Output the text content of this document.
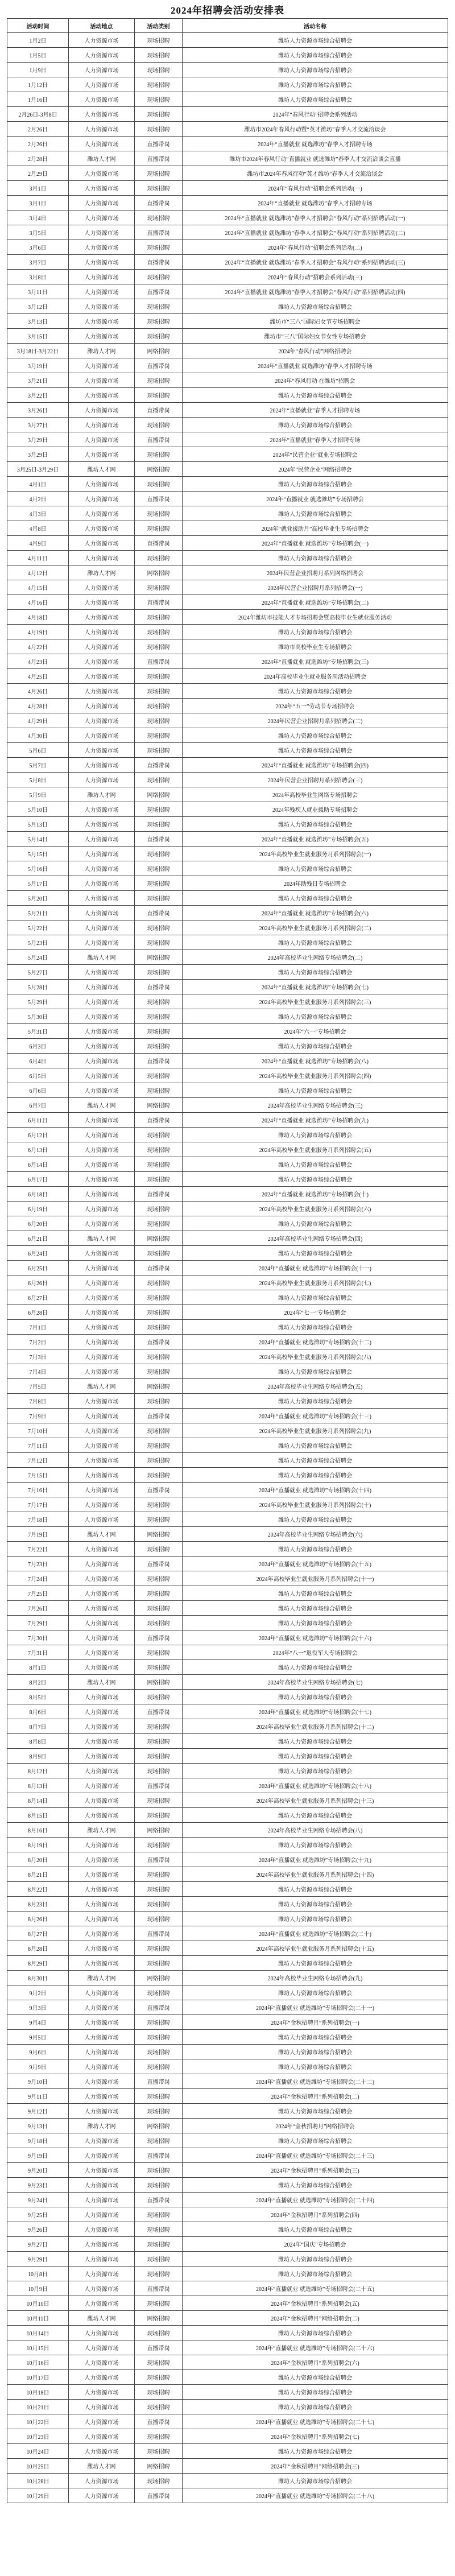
2024年招聘会活动安排表
活动时间	活动地点	活动类别	活动名称
1月2日	人力资源市场	现场招聘	潍坊人力资源市场综合招聘会
1月5日	人力资源市场	现场招聘	潍坊人力资源市场综合招聘会
1月9日	人力资源市场	现场招聘	潍坊人力资源市场综合招聘会
1月12日	人力资源市场	现场招聘	潍坊人力资源市场综合招聘会
1月16日	人力资源市场	现场招聘	潍坊人力资源市场综合招聘会
2月26日-3月8日	人力资源市场	现场招聘	2024年“春风行动”招聘会系列活动
2月26日	人力资源市场	现场招聘	潍坊市2024年春风行动暨“英才潍坊”春季人才交流洽谈会
2月26日	人力资源市场	直播带岗	2024年“直播就业 就选潍坊”春季人才招聘专场
2月28日	潍坊人才网	直播带岗	潍坊市2024年春风行动“直播就业 就选潍坊”春季人才交流洽谈会直播
2月29日	人力资源市场	现场招聘	潍坊市2024年春风行动“英才潍坊”春季人才交流洽谈会
3月1日	人力资源市场	现场招聘	2024年“春风行动”招聘会系列活动(一)
3月1日	人力资源市场	直播带岗	2024年“直播就业 就选潍坊”春季人才招聘专场
3月4日	人力资源市场	现场招聘	2024年“直播就业 就选潍坊”春季人才招聘会“春风行动”系列招聘活动(一)
3月5日	人力资源市场	直播带岗	2024年“直播就业 就选潍坊”春季人才招聘会“春风行动”系列招聘活动(二)
3月6日	人力资源市场	现场招聘	2024年“春风行动”招聘会系列活动(二)
3月7日	人力资源市场	直播带岗	2024年“直播就业 就选潍坊”春季人才招聘会“春风行动”系列招聘活动(三)
3月8日	人力资源市场	现场招聘	2024年“春风行动”招聘会系列活动(三)
3月11日	人力资源市场	直播带岗	2024年“直播就业 就选潍坊”春季人才招聘会“春风行动”系列招聘活动(四)
3月12日	人力资源市场	现场招聘	潍坊人力资源市场综合招聘会
3月13日	人力资源市场	现场招聘	潍坊市“三八”国际妇女节专场招聘会
3月15日	人力资源市场	现场招聘	潍坊市“三八”国际妇女节女性专场招聘会
3月18日-3月22日	潍坊人才网	网络招聘	2024年“春风行动”网络招聘会
3月19日	人力资源市场	直播带岗	2024年“直播就业 就选潍坊”春季人才招聘专场
3月21日	人力资源市场	现场招聘	2024年“春风行动 在潍坊”招聘会
3月22日	人力资源市场	现场招聘	潍坊人力资源市场综合招聘会
3月26日	人力资源市场	直播带岗	2024年“直播就业”春季人才招聘专场
3月27日	人力资源市场	现场招聘	潍坊人力资源市场综合招聘会
3月29日	人力资源市场	直播带岗	2024年“直播就业”春季人才招聘专场
3月29日	人力资源市场	现场招聘	2024年“民营企业”就业专场招聘会
3月25日-3月29日	潍坊人才网	网络招聘	2024年“民营企业”网络招聘会
4月1日	人力资源市场	现场招聘	潍坊人力资源市场综合招聘会
4月2日	人力资源市场	直播带岗	2024年“直播就业 就选潍坊”专场招聘会
4月3日	人力资源市场	现场招聘	潍坊人力资源市场综合招聘会
4月8日	人力资源市场	现场招聘	2024年“就业援助月”高校毕业生专场招聘会
4月9日	人力资源市场	直播带岗	2024年“直播就业 就选潍坊”专场招聘会(一)
4月11日	人力资源市场	现场招聘	潍坊人力资源市场综合招聘会
4月12日	潍坊人才网	网络招聘	2024年民营企业招聘月系列网络招聘会
4月15日	人力资源市场	现场招聘	2024年民营企业招聘月系列招聘会(一)
4月16日	人力资源市场	直播带岗	2024年“直播就业 就选潍坊”专场招聘会(二)
4月18日	人力资源市场	现场招聘	2024年潍坊市技能人才专场招聘会暨高校毕业生就业服务活动
4月19日	人力资源市场	现场招聘	潍坊人力资源市场综合招聘会
4月22日	人力资源市场	现场招聘	潍坊市高校毕业生专场招聘会
4月23日	人力资源市场	直播带岗	2024年“直播就业 就选潍坊”专场招聘会(三)
4月25日	人力资源市场	现场招聘	2024年高校毕业生就业服务周活动招聘会
4月26日	人力资源市场	现场招聘	潍坊人力资源市场综合招聘会
4月28日	人力资源市场	现场招聘	2024年“五一”劳动节专场招聘会
4月29日	人力资源市场	现场招聘	2024年民营企业招聘月系列招聘会(二)
4月30日	人力资源市场	现场招聘	潍坊人力资源市场综合招聘会
5月6日	人力资源市场	现场招聘	潍坊人力资源市场综合招聘会
5月7日	人力资源市场	直播带岗	2024年“直播就业 就选潍坊”专场招聘会(四)
5月8日	人力资源市场	现场招聘	2024年民营企业招聘月系列招聘会(三)
5月9日	潍坊人才网	网络招聘	2024年高校毕业生网络专场招聘会
5月10日	人力资源市场	现场招聘	2024年残疾人就业援助专场招聘会
5月13日	人力资源市场	现场招聘	潍坊人力资源市场综合招聘会
5月14日	人力资源市场	直播带岗	2024年“直播就业 就选潍坊”专场招聘会(五)
5月15日	人力资源市场	现场招聘	2024年高校毕业生就业服务月系列招聘会(一)
5月16日	人力资源市场	现场招聘	潍坊人力资源市场综合招聘会
5月17日	人力资源市场	现场招聘	2024年助残日专场招聘会
5月20日	人力资源市场	现场招聘	潍坊人力资源市场综合招聘会
5月21日	人力资源市场	直播带岗	2024年“直播就业 就选潍坊”专场招聘会(六)
5月22日	人力资源市场	现场招聘	2024年高校毕业生就业服务月系列招聘会(二)
5月23日	人力资源市场	现场招聘	潍坊人力资源市场综合招聘会
5月24日	潍坊人才网	网络招聘	2024年高校毕业生网络专场招聘会(二)
5月27日	人力资源市场	现场招聘	潍坊人力资源市场综合招聘会
5月28日	人力资源市场	直播带岗	2024年“直播就业 就选潍坊”专场招聘会(七)
5月29日	人力资源市场	现场招聘	2024年高校毕业生就业服务月系列招聘会(三)
5月30日	人力资源市场	现场招聘	潍坊人力资源市场综合招聘会
5月31日	人力资源市场	现场招聘	2024年“六一”专场招聘会
6月3日	人力资源市场	现场招聘	潍坊人力资源市场综合招聘会
6月4日	人力资源市场	直播带岗	2024年“直播就业 就选潍坊”专场招聘会(八)
6月5日	人力资源市场	现场招聘	2024年高校毕业生就业服务月系列招聘会(四)
6月6日	人力资源市场	现场招聘	潍坊人力资源市场综合招聘会
6月7日	潍坊人才网	网络招聘	2024年高校毕业生网络专场招聘会(三)
6月11日	人力资源市场	直播带岗	2024年“直播就业 就选潍坊”专场招聘会(九)
6月12日	人力资源市场	现场招聘	潍坊人力资源市场综合招聘会
6月13日	人力资源市场	现场招聘	2024年高校毕业生就业服务月系列招聘会(五)
6月14日	人力资源市场	现场招聘	潍坊人力资源市场综合招聘会
6月17日	人力资源市场	现场招聘	潍坊人力资源市场综合招聘会
6月18日	人力资源市场	直播带岗	2024年“直播就业 就选潍坊”专场招聘会(十)
6月19日	人力资源市场	现场招聘	2024年高校毕业生就业服务月系列招聘会(六)
6月20日	人力资源市场	现场招聘	潍坊人力资源市场综合招聘会
6月21日	潍坊人才网	网络招聘	2024年高校毕业生网络专场招聘会(四)
6月24日	人力资源市场	现场招聘	潍坊人力资源市场综合招聘会
6月25日	人力资源市场	直播带岗	2024年“直播就业 就选潍坊”专场招聘会(十一)
6月26日	人力资源市场	现场招聘	2024年高校毕业生就业服务月系列招聘会(七)
6月27日	人力资源市场	现场招聘	潍坊人力资源市场综合招聘会
6月28日	人力资源市场	现场招聘	2024年“七一”专场招聘会
7月1日	人力资源市场	现场招聘	潍坊人力资源市场综合招聘会
7月2日	人力资源市场	直播带岗	2024年“直播就业 就选潍坊”专场招聘会(十二)
7月3日	人力资源市场	现场招聘	2024年高校毕业生就业服务月系列招聘会(八)
7月4日	人力资源市场	现场招聘	潍坊人力资源市场综合招聘会
7月5日	潍坊人才网	网络招聘	2024年高校毕业生网络专场招聘会(五)
7月8日	人力资源市场	现场招聘	潍坊人力资源市场综合招聘会
7月9日	人力资源市场	直播带岗	2024年“直播就业 就选潍坊”专场招聘会(十三)
7月10日	人力资源市场	现场招聘	2024年高校毕业生就业服务月系列招聘会(九)
7月11日	人力资源市场	现场招聘	潍坊人力资源市场综合招聘会
7月12日	人力资源市场	现场招聘	潍坊人力资源市场综合招聘会
7月15日	人力资源市场	现场招聘	潍坊人力资源市场综合招聘会
7月16日	人力资源市场	直播带岗	2024年“直播就业 就选潍坊”专场招聘会(十四)
7月17日	人力资源市场	现场招聘	2024年高校毕业生就业服务月系列招聘会(十)
7月18日	人力资源市场	现场招聘	潍坊人力资源市场综合招聘会
7月19日	潍坊人才网	网络招聘	2024年高校毕业生网络专场招聘会(六)
7月22日	人力资源市场	现场招聘	潍坊人力资源市场综合招聘会
7月23日	人力资源市场	直播带岗	2024年“直播就业 就选潍坊”专场招聘会(十五)
7月24日	人力资源市场	现场招聘	2024年高校毕业生就业服务月系列招聘会(十一)
7月25日	人力资源市场	现场招聘	潍坊人力资源市场综合招聘会
7月26日	人力资源市场	现场招聘	潍坊人力资源市场综合招聘会
7月29日	人力资源市场	现场招聘	潍坊人力资源市场综合招聘会
7月30日	人力资源市场	直播带岗	2024年“直播就业 就选潍坊”专场招聘会(十六)
7月31日	人力资源市场	现场招聘	2024年“八一”退役军人专场招聘会
8月1日	人力资源市场	现场招聘	潍坊人力资源市场综合招聘会
8月2日	潍坊人才网	网络招聘	2024年高校毕业生网络专场招聘会(七)
8月5日	人力资源市场	现场招聘	潍坊人力资源市场综合招聘会
8月6日	人力资源市场	直播带岗	2024年“直播就业 就选潍坊”专场招聘会(十七)
8月7日	人力资源市场	现场招聘	2024年高校毕业生就业服务月系列招聘会(十二)
8月8日	人力资源市场	现场招聘	潍坊人力资源市场综合招聘会
8月9日	人力资源市场	现场招聘	潍坊人力资源市场综合招聘会
8月12日	人力资源市场	现场招聘	潍坊人力资源市场综合招聘会
8月13日	人力资源市场	直播带岗	2024年“直播就业 就选潍坊”专场招聘会(十八)
8月14日	人力资源市场	现场招聘	2024年高校毕业生就业服务月系列招聘会(十三)
8月15日	人力资源市场	现场招聘	潍坊人力资源市场综合招聘会
8月16日	潍坊人才网	网络招聘	2024年高校毕业生网络专场招聘会(八)
8月19日	人力资源市场	现场招聘	潍坊人力资源市场综合招聘会
8月20日	人力资源市场	直播带岗	2024年“直播就业 就选潍坊”专场招聘会(十九)
8月21日	人力资源市场	现场招聘	2024年高校毕业生就业服务月系列招聘会(十四)
8月22日	人力资源市场	现场招聘	潍坊人力资源市场综合招聘会
8月23日	人力资源市场	现场招聘	潍坊人力资源市场综合招聘会
8月26日	人力资源市场	现场招聘	潍坊人力资源市场综合招聘会
8月27日	人力资源市场	直播带岗	2024年“直播就业 就选潍坊”专场招聘会(二十)
8月28日	人力资源市场	现场招聘	2024年高校毕业生就业服务月系列招聘会(十五)
8月29日	人力资源市场	现场招聘	潍坊人力资源市场综合招聘会
8月30日	潍坊人才网	网络招聘	2024年高校毕业生网络专场招聘会(九)
9月2日	人力资源市场	现场招聘	潍坊人力资源市场综合招聘会
9月3日	人力资源市场	直播带岗	2024年“直播就业 就选潍坊”专场招聘会(二十一)
9月4日	人力资源市场	现场招聘	2024年“金秋招聘月”系列招聘会(一)
9月5日	人力资源市场	现场招聘	潍坊人力资源市场综合招聘会
9月6日	人力资源市场	现场招聘	潍坊人力资源市场综合招聘会
9月9日	人力资源市场	现场招聘	潍坊人力资源市场综合招聘会
9月10日	人力资源市场	直播带岗	2024年“直播就业 就选潍坊”专场招聘会(二十二)
9月11日	人力资源市场	现场招聘	2024年“金秋招聘月”系列招聘会(二)
9月12日	人力资源市场	现场招聘	潍坊人力资源市场综合招聘会
9月13日	潍坊人才网	网络招聘	2024年“金秋招聘月”网络招聘会
9月18日	人力资源市场	现场招聘	潍坊人力资源市场综合招聘会
9月19日	人力资源市场	直播带岗	2024年“直播就业 就选潍坊”专场招聘会(二十三)
9月20日	人力资源市场	现场招聘	2024年“金秋招聘月”系列招聘会(三)
9月23日	人力资源市场	现场招聘	潍坊人力资源市场综合招聘会
9月24日	人力资源市场	直播带岗	2024年“直播就业 就选潍坊”专场招聘会(二十四)
9月25日	人力资源市场	现场招聘	2024年“金秋招聘月”系列招聘会(四)
9月26日	人力资源市场	现场招聘	潍坊人力资源市场综合招聘会
9月27日	人力资源市场	现场招聘	2024年“国庆”专场招聘会
9月29日	人力资源市场	现场招聘	潍坊人力资源市场综合招聘会
10月8日	人力资源市场	现场招聘	潍坊人力资源市场综合招聘会
10月9日	人力资源市场	直播带岗	2024年“直播就业 就选潍坊”专场招聘会(二十五)
10月10日	人力资源市场	现场招聘	2024年“金秋招聘月”系列招聘会(五)
10月11日	潍坊人才网	网络招聘	2024年“金秋招聘月”网络招聘会(二)
10月14日	人力资源市场	现场招聘	潍坊人力资源市场综合招聘会
10月15日	人力资源市场	直播带岗	2024年“直播就业 就选潍坊”专场招聘会(二十六)
10月16日	人力资源市场	现场招聘	2024年“金秋招聘月”系列招聘会(六)
10月17日	人力资源市场	现场招聘	潍坊人力资源市场综合招聘会
10月18日	人力资源市场	现场招聘	潍坊人力资源市场综合招聘会
10月21日	人力资源市场	现场招聘	潍坊人力资源市场综合招聘会
10月22日	人力资源市场	直播带岗	2024年“直播就业 就选潍坊”专场招聘会(二十七)
10月23日	人力资源市场	现场招聘	2024年“金秋招聘月”系列招聘会(七)
10月24日	人力资源市场	现场招聘	潍坊人力资源市场综合招聘会
10月25日	潍坊人才网	网络招聘	2024年“金秋招聘月”网络招聘会(三)
10月28日	人力资源市场	现场招聘	潍坊人力资源市场综合招聘会
10月29日	人力资源市场	直播带岗	2024年“直播就业 就选潍坊”专场招聘会(二十八)
